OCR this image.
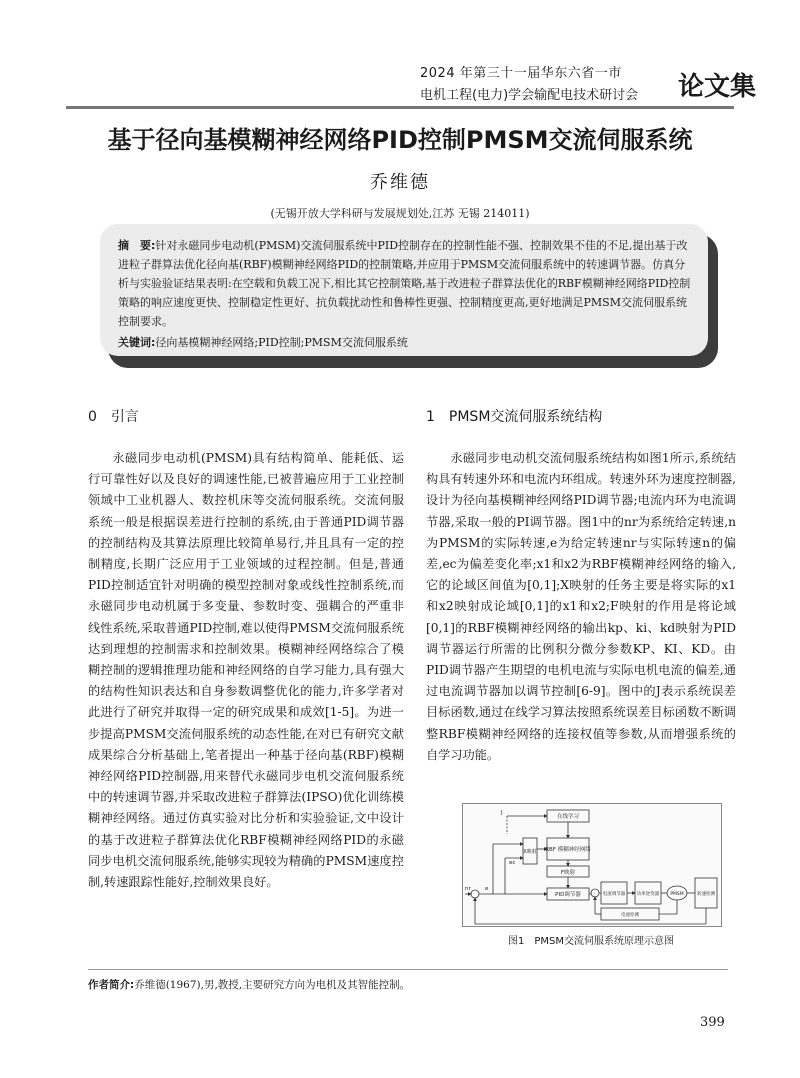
2024 年第三十一届华东六省一市
电机工程(电力)学会输配电技术研讨会	论文集
基于径向基模糊神经网络PID控制PMSM交流伺服系统
乔维德
(无锡开放大学科研与发展规划处,江苏 无锡 214011)
摘　要:针对永磁同步电动机(PMSM)交流伺服系统中PID控制存在的控制性能不强、控制效果不佳的不足,提出基于改进粒子群算法优化径向基(RBF)模糊神经网络PID的控制策略,并应用于PMSM交流伺服系统中的转速调节器。仿真分析与实验验证结果表明:在空载和负载工况下,相比其它控制策略,基于改进粒子群算法优化的RBF模糊神经网络PID控制策略的响应速度更快、控制稳定性更好、抗负载扰动性和鲁棒性更强、控制精度更高,更好地满足PMSM交流伺服系统控制要求。
关键词:径向基模糊神经网络;PID控制;PMSM交流伺服系统
0　引言

永磁同步电动机(PMSM)具有结构简单、能耗低、运行可靠性好以及良好的调速性能,已被普遍应用于工业控制领域中工业机器人、数控机床等交流伺服系统。交流伺服系统一般是根据误差进行控制的系统,由于普通PID调节器的控制结构及其算法原理比较简单易行,并且具有一定的控制精度,长期广泛应用于工业领域的过程控制。但是,普通PID控制适宜针对明确的模型控制对象或线性控制系统,而永磁同步电动机属于多变量、参数时变、强耦合的严重非线性系统,采取普通PID控制,难以使得PMSM交流伺服系统达到理想的控制需求和控制效果。模糊神经网络综合了模糊控制的逻辑推理功能和神经网络的自学习能力,具有强大的结构性知识表达和自身参数调整优化的能力,许多学者对此进行了研究并取得一定的研究成果和成效[1-5]。为进一步提高PMSM交流伺服系统的动态性能,在对已有研究文献成果综合分析基础上,笔者提出一种基于径向基(RBF)模糊神经网络PID控制器,用来替代永磁同步电机交流伺服系统中的转速调节器,并采取改进粒子群算法(IPSO)优化训练模糊神经网络。通过仿真实验对比分析和实验验证,文中设计的基于改进粒子群算法优化RBF模糊神经网络PID的永磁同步电机交流伺服系统,能够实现较为精确的PMSM速度控制,转速跟踪性能好,控制效果良好。

1　PMSM交流伺服系统结构

永磁同步电动机交流伺服系统结构如图1所示,系统结构具有转速外环和电流内环组成。转速外环为速度控制器,设计为径向基模糊神经网络PID调节器;电流内环为电流调节器,采取一般的PI调节器。图1中的nr为系统给定转速,n为PMSM的实际转速,e为给定转速nr与实际转速n的偏差,ec为偏差变化率;x1和x2为RBF模糊神经网络的输入,它的论域区间值为[0,1];X映射的任务主要是将实际的x1和x2映射成论域[0,1]的x1和x2;F映射的作用是将论域[0,1]的RBF模糊神经网络的输出kp、ki、kd映射为PID调节器运行所需的比例积分微分参数KP、KI、KD。由PID调节器产生期望的电机电流与实际电机电流的偏差,通过电流调节器加以调节控制[6-9]。图中的J表示系统误差目标函数,通过在线学习算法按照系统误差目标函数不断调整RBF模糊神经网络的连接权值等参数,从而增强系统的自学习功能。

在线学习
RBF 模糊神经网络
X映射
F映射
PID调节器	电流调节器	功率逆变器 PMSM	转速检测
电流检测
nr	e
ec
J
图1　PMSM交流伺服系统原理示意图
作者简介:乔维德(1967),男,教授,主要研究方向为电机及其智能控制。
399
